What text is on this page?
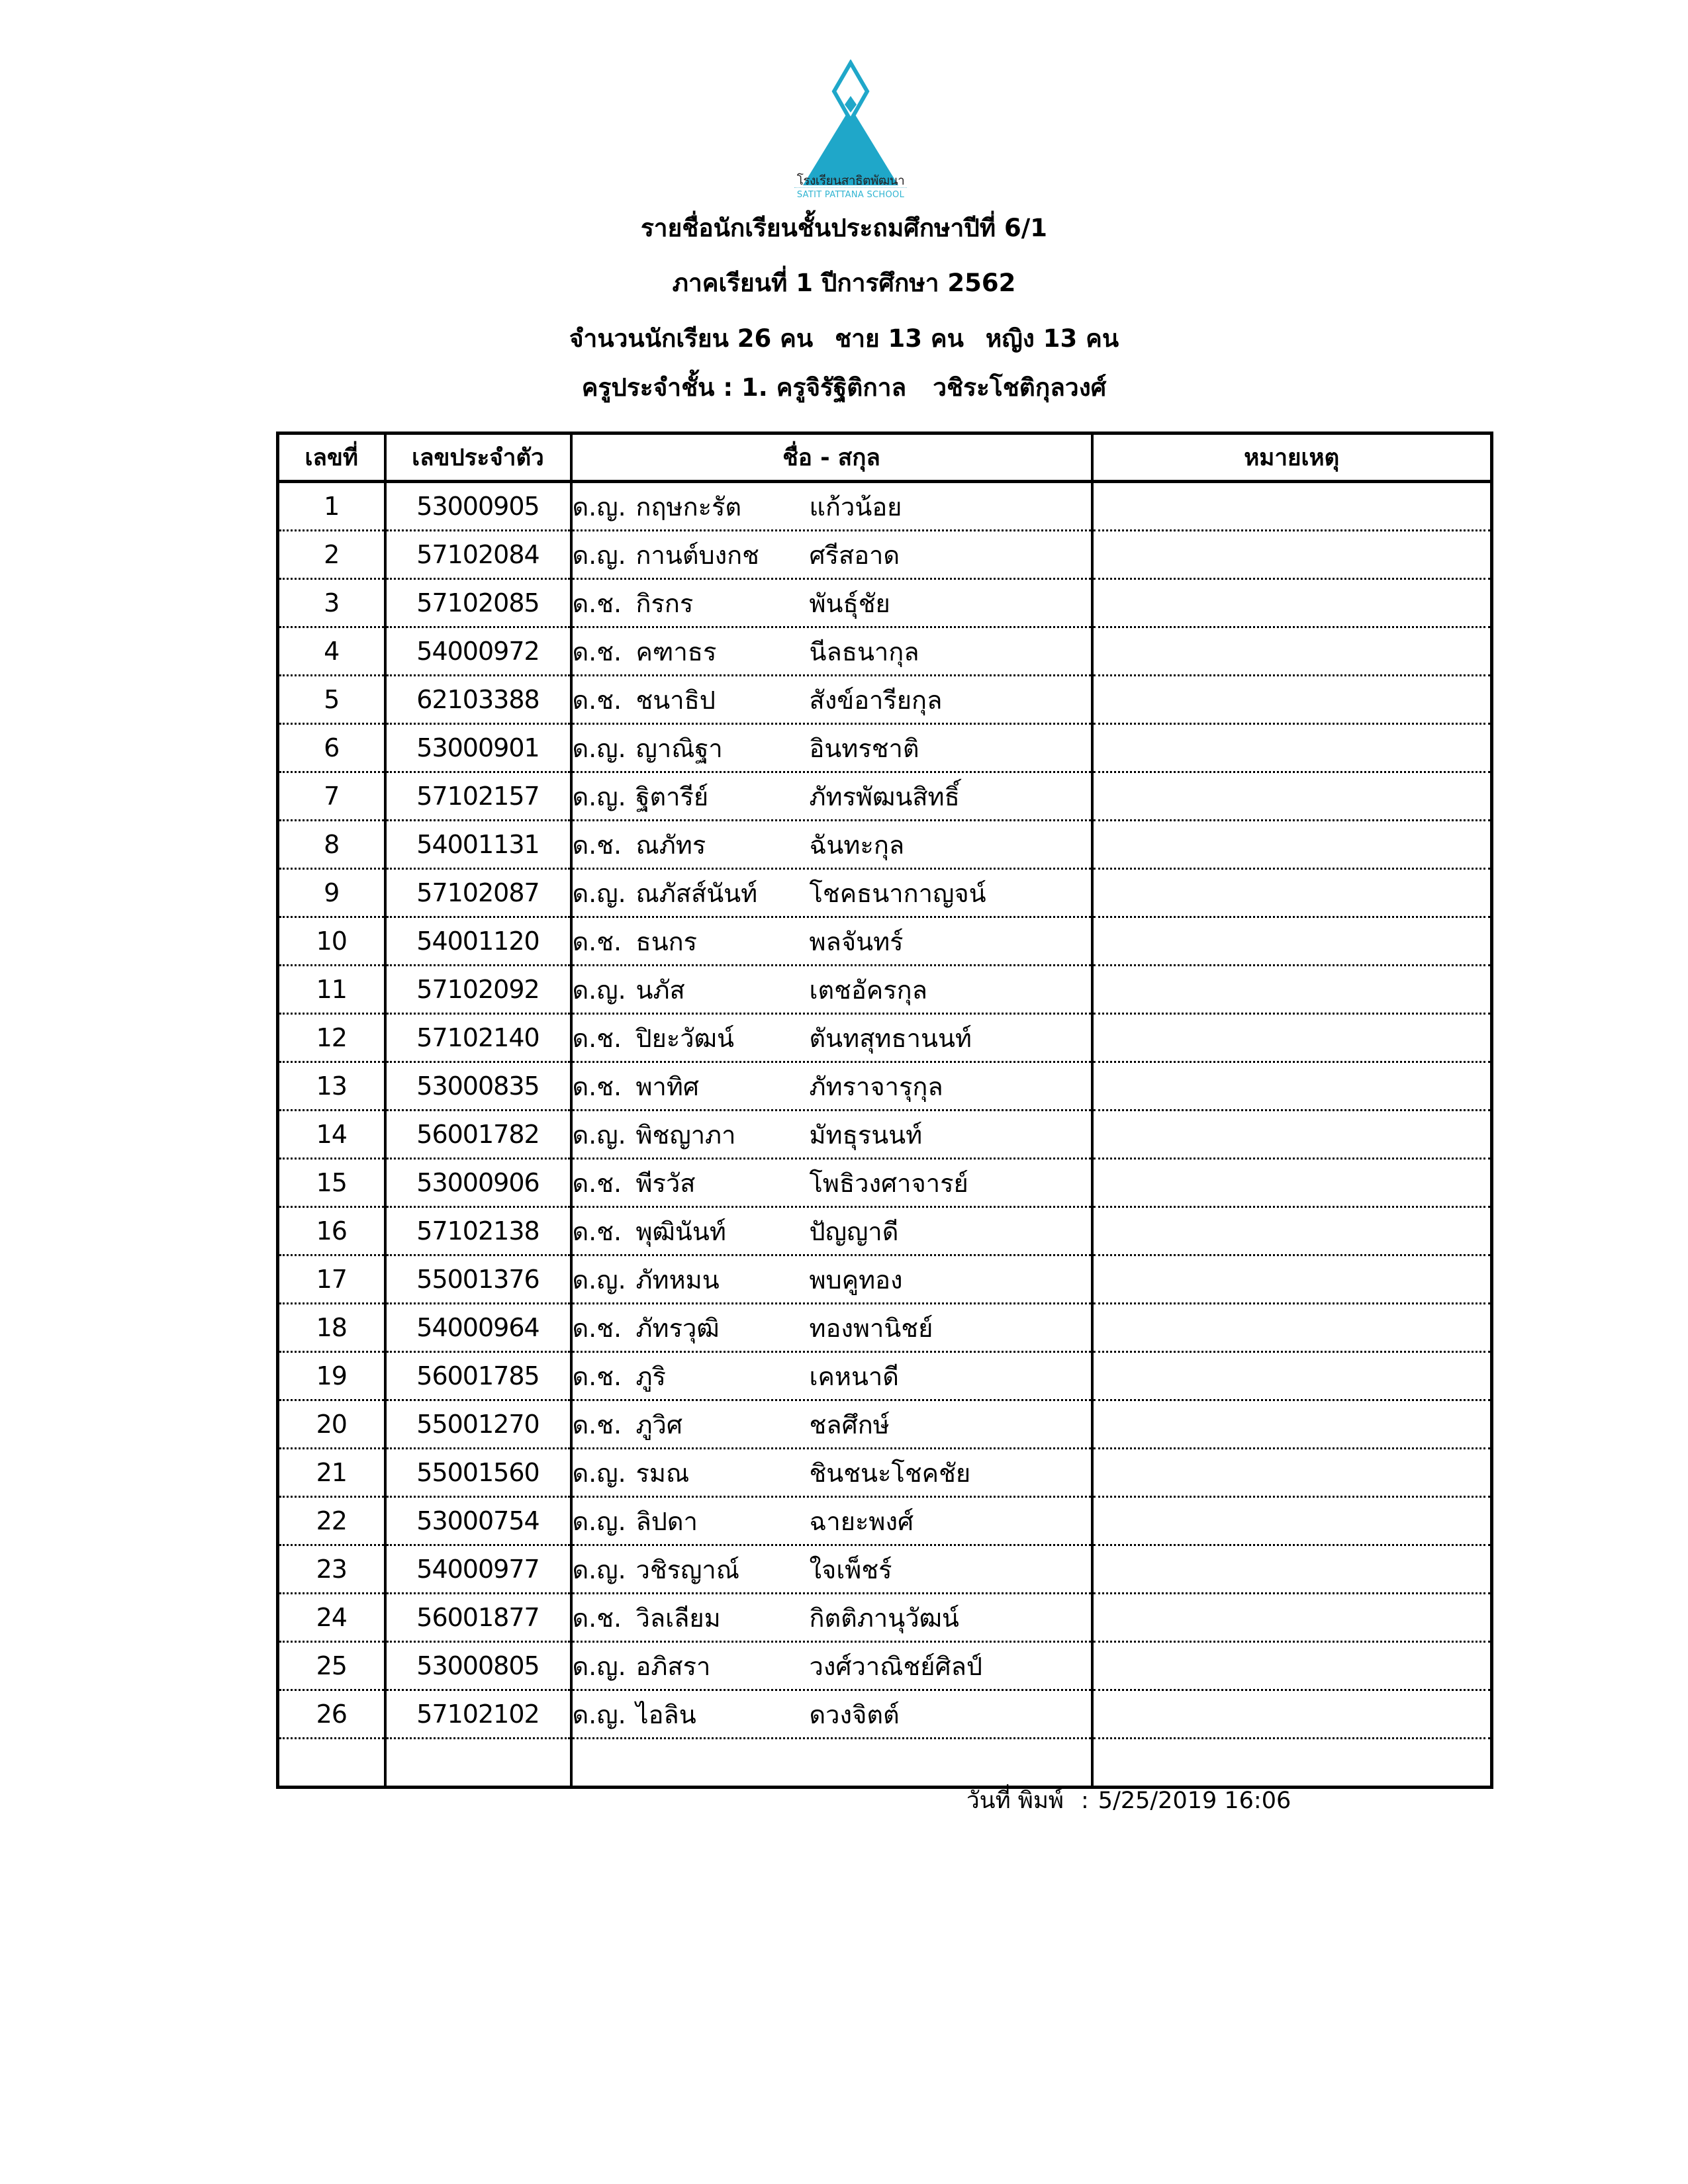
โรงเรียนสาธิตพัฒนา
SATIT PATTANA SCHOOL
รายชื่อนักเรียนชั้นประถมศึกษาปีที่ 6/1
ภาคเรียนที่ 1 ปีการศึกษา 2562
จำนวนนักเรียน 26 คน ชาย 13 คน หญิง 13 คน
ครูประจำชั้น : 1. ครูจิรัฐิติกาล วชิระโชติกุลวงศ์
เลขที่	เลขประจำตัว	ชื่อ - สกุล	หมายเหตุ
1	53000905	ด.ญ. กฤษกะรัต แก้วน้อย	
2	57102084	ด.ญ. กานต์บงกช ศรีสอาด	
3	57102085	ด.ช. กิรกร พันธุ์ชัย	
4	54000972	ด.ช. คฑาธร นีลธนากุล	
5	62103388	ด.ช. ชนาธิป สังข์อารียกุล	
6	53000901	ด.ญ. ญาณิฐา อินทรชาติ	
7	57102157	ด.ญ. ฐิตารีย์ ภัทรพัฒนสิทธิ์	
8	54001131	ด.ช. ณภัทร ฉันทะกุล	
9	57102087	ด.ญ. ณภัสส์นันท์ โชคธนากาญจน์	
10	54001120	ด.ช. ธนกร พลจันทร์	
11	57102092	ด.ญ. นภัส เตชอัครกุล	
12	57102140	ด.ช. ปิยะวัฒน์ ตันทสุทธานนท์	
13	53000835	ด.ช. พาทิศ ภัทราจารุกุล	
14	56001782	ด.ญ. พิชญาภา มัทธุรนนท์	
15	53000906	ด.ช. พีรวัส โพธิวงศาจารย์	
16	57102138	ด.ช. พุฒินันท์ ปัญญาดี	
17	55001376	ด.ญ. ภัทหมน พบคูทอง	
18	54000964	ด.ช. ภัทรวุฒิ ทองพานิชย์	
19	56001785	ด.ช. ภูริ เคหนาดี	
20	55001270	ด.ช. ภูวิศ ชลศึกษ์	
21	55001560	ด.ญ. รมณ ชินชนะโชคชัย	
22	53000754	ด.ญ. ลิปดา ฉายะพงศ์	
23	54000977	ด.ญ. วชิรญาณ์ ใจเพ็ชร์	
24	56001877	ด.ช. วิลเลียม กิตติภานุวัฒน์	
25	53000805	ด.ญ. อภิสรา วงศ์วาณิชย์ศิลป์	
26	57102102	ด.ญ. ไอลิน ดวงจิตต์	

วันที่ พิมพ์ : 5/25/2019 16:06
